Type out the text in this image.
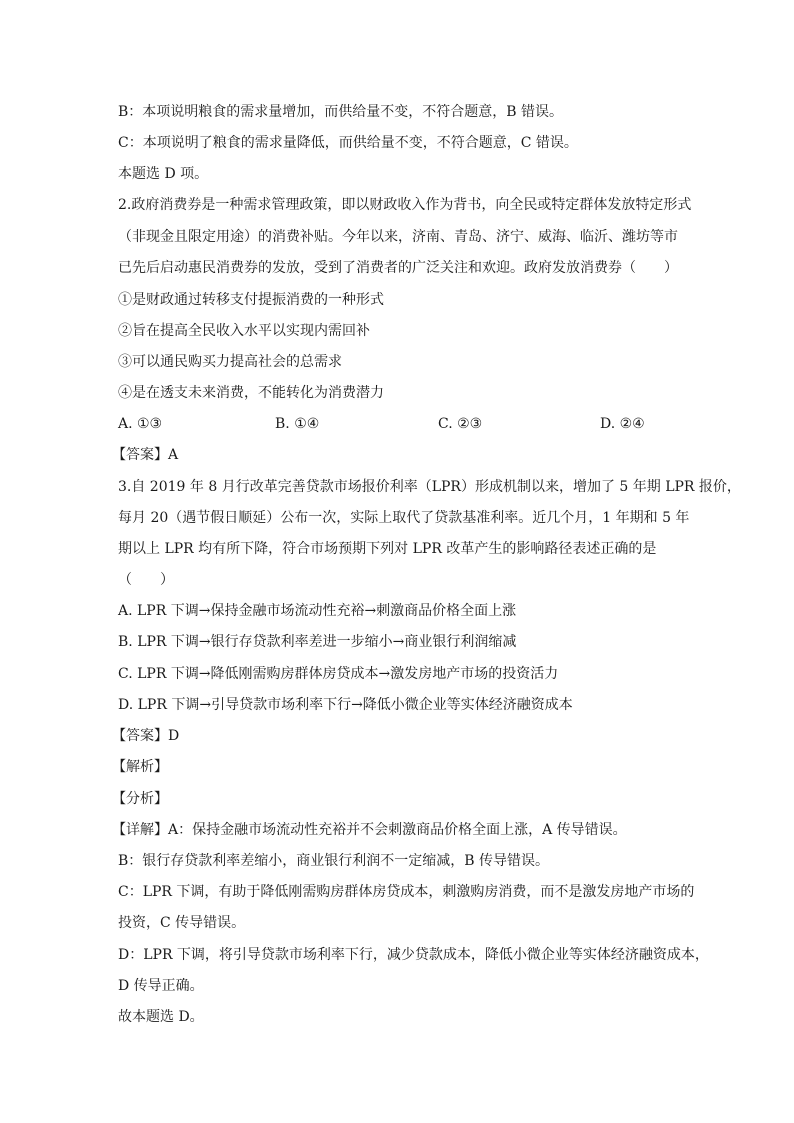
B：本项说明粮食的需求量增加，而供给量不变，不符合题意，B 错误。
C：本项说明了粮食的需求量降低，而供给量不变，不符合题意，C 错误。
本题选 D 项。
2.政府消费券是一种需求管理政策，即以财政收入作为背书，向全民或特定群体发放特定形式
（非现金且限定用途）的消费补贴。今年以来，济南、青岛、济宁、威海、临沂、潍坊等市
已先后启动惠民消费券的发放，受到了消费者的广泛关注和欢迎。政府发放消费券（　　）
①是财政通过转移支付提振消费的一种形式
②旨在提高全民收入水平以实现内需回补
③可以通民购买力提高社会的总需求
④是在透支未来消费，不能转化为消费潜力
A. ①③	B. ①④	C. ②③	D. ②④
【答案】A
3.自 2019 年 8 月行改革完善贷款市场报价利率（LPR）形成机制以来，增加了 5 年期 LPR 报价，
每月 20（遇节假日顺延）公布一次，实际上取代了贷款基准利率。近几个月，1 年期和 5 年
期以上 LPR 均有所下降，符合市场预期下列对 LPR 改革产生的影响路径表述正确的是
（　　）
A. LPR 下调→保持金融市场流动性充裕→刺激商品价格全面上涨
B. LPR 下调→银行存贷款利率差进一步缩小→商业银行利润缩减
C. LPR 下调→降低刚需购房群体房贷成本→激发房地产市场的投资活力
D. LPR 下调→引导贷款市场利率下行→降低小微企业等实体经济融资成本
【答案】D
【解析】
【分析】
【详解】A：保持金融市场流动性充裕并不会刺激商品价格全面上涨，A 传导错误。
B：银行存贷款利率差缩小，商业银行利润不一定缩减，B 传导错误。
C：LPR 下调，有助于降低刚需购房群体房贷成本，刺激购房消费，而不是激发房地产市场的
投资，C 传导错误。
D：LPR 下调，将引导贷款市场利率下行，减少贷款成本，降低小微企业等实体经济融资成本，
D 传导正确。
故本题选 D。
